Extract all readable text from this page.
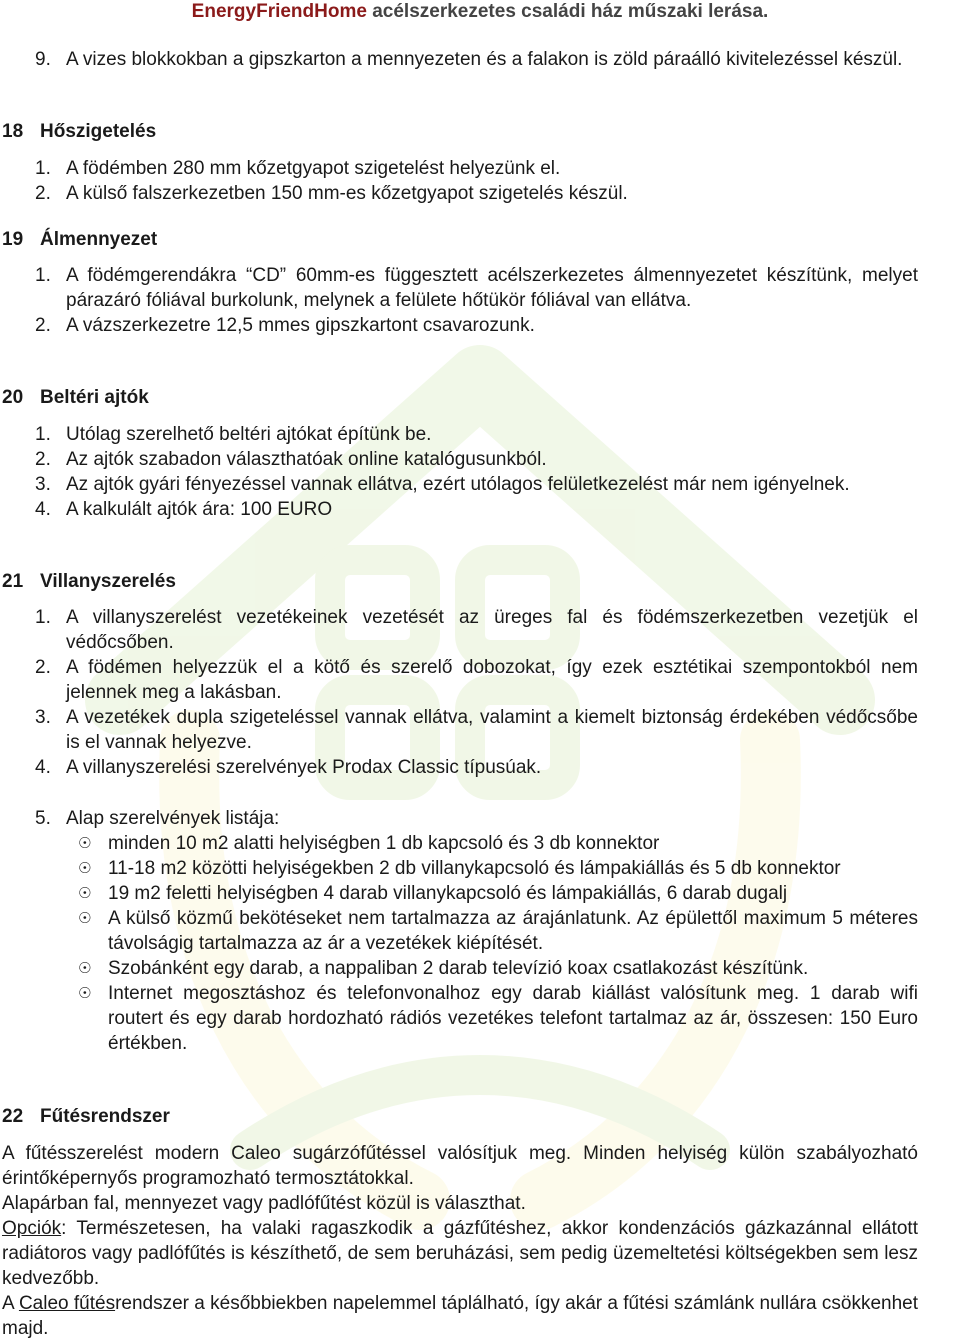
EnergyFriendHome acélszerkezetes családi ház műszaki lerása.
9. A vizes blokkokban a gipszkarton a mennyezeten és a falakon is zöld páraálló kivitelezéssel készül.
18 Hőszigetelés
1. A födémben 280 mm kőzetgyapot szigetelést helyezünk el.
2. A külső falszerkezetben 150 mm-es kőzetgyapot szigetelés készül.
19 Álmennyezet
1. A födémgerendákra “CD” 60mm-es függesztett acélszerkezetes álmennyezetet készítünk, melyet párazáró fóliával burkolunk, melynek a felülete hőtükör fóliával van ellátva.
2. A vázszerkezetre 12,5 mmes gipszkartont csavarozunk.
20 Beltéri ajtók
1. Utólag szerelhető beltéri ajtókat építünk be.
2. Az ajtók szabadon választhatóak online katalógusunkból.
3. Az ajtók gyári fényezéssel vannak ellátva, ezért utólagos felületkezelést már nem igényelnek.
4. A kalkulált ajtók ára: 100 EURO
21 Villanyszerelés
1. A villanyszerelést vezetékeinek vezetését az üreges fal és födémszerkezetben vezetjük el védőcsőben.
2. A födémen helyezzük el a kötő és szerelő dobozokat, így ezek esztétikai szempontokból nem jelennek meg a lakásban.
3. A vezetékek dupla szigeteléssel vannak ellátva, valamint a kiemelt biztonság érdekében védőcsőbe is el vannak helyezve.
4. A villanyszerelési szerelvények Prodax Classic típusúak.
5. Alap szerelvények listája:
☉ minden 10 m2 alatti helyiségben 1 db kapcsoló és 3 db konnektor
☉ 11-18 m2 közötti helyiségekben 2 db villanykapcsoló és lámpakiállás és 5 db konnektor
☉ 19 m2 feletti helyiségben 4 darab villanykapcsoló és lámpakiállás, 6 darab dugalj
☉ A külső közmű bekötéseket nem tartalmazza az árajánlatunk. Az épülettől maximum 5 méteres távolságig tartalmazza az ár a vezetékek kiépítését.
☉ Szobánként egy darab, a nappaliban 2 darab televízió koax csatlakozást készítünk.
☉ Internet megosztáshoz és telefonvonalhoz egy darab kiállást valósítunk meg. 1 darab wifi routert és egy darab hordozható rádiós vezetékes telefont tartalmaz az ár, összesen: 150 Euro értékben.
22 Fűtésrendszer
A fűtésszerelést modern Caleo sugárzófűtéssel valósítjuk meg. Minden helyiség külön szabályozható érintőképernyős programozható termosztátokkal.
Alapárban fal, mennyezet vagy padlófűtést közül is választhat.
Opciók: Természetesen, ha valaki ragaszkodik a gázfűtéshez, akkor kondenzációs gázkazánnal ellátott radiátoros vagy padlófűtés is készíthető, de sem beruházási, sem pedig üzemeltetési költségekben sem lesz kedvezőbb.
A Caleo fűtésrendszer a későbbiekben napelemmel táplálható, így akár a fűtési számlánk nullára csökkenhet majd.
